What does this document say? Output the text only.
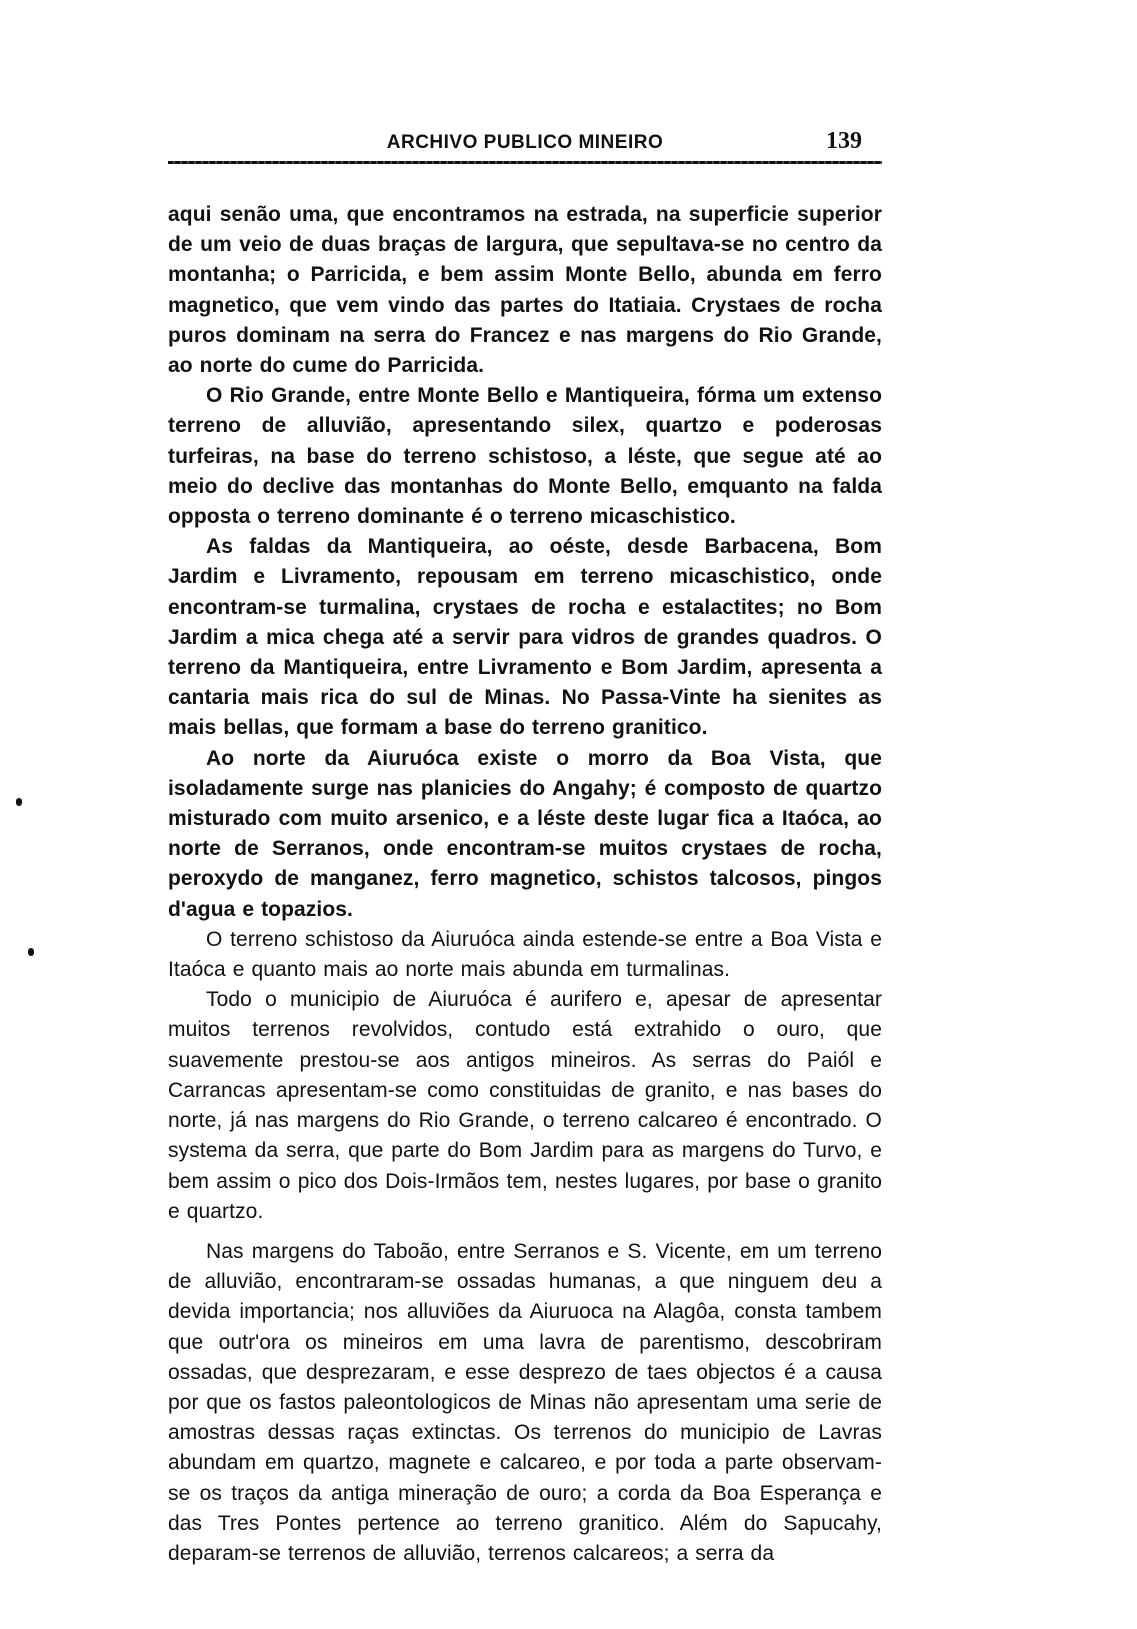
ARCHIVO PUBLICO MINEIRO	139

aqui senão uma, que encontramos na estrada, na superficie superior de um veio de duas braças de largura, que sepultava-se no centro da montanha; o Parricida, e bem assim Monte Bello, abunda em ferro magnetico, que vem vindo das partes do Itatiaia. Crystaes de rocha puros dominam na serra do Francez e nas margens do Rio Grande, ao norte do cume do Parricida.

O Rio Grande, entre Monte Bello e Mantiqueira, fórma um extenso terreno de alluvião, apresentando silex, quartzo e poderosas turfeiras, na base do terreno schistoso, a léste, que segue até ao meio do declive das montanhas do Monte Bello, emquanto na falda opposta o terreno dominante é o terreno micaschistico.

As faldas da Mantiqueira, ao oéste, desde Barbacena, Bom Jardim e Livramento, repousam em terreno micaschistico, onde encontram-se turmalina, crystaes de rocha e estalactites; no Bom Jardim a mica chega até a servir para vidros de grandes quadros. O terreno da Mantiqueira, entre Livramento e Bom Jardim, apresenta a cantaria mais rica do sul de Minas. No Passa-Vinte ha sienites as mais bellas, que formam a base do terreno granitico.

Ao norte da Aiuruóca existe o morro da Boa Vista, que isoladamente surge nas planicies do Angahy; é composto de quartzo misturado com muito arsenico, e a léste deste lugar fica a Itaóca, ao norte de Serranos, onde encontram-se muitos crystaes de rocha, peroxydo de manganez, ferro magnetico, schistos talcosos, pingos d'agua e topazios.

O terreno schistoso da Aiuruóca ainda estende-se entre a Boa Vista e Itaóca e quanto mais ao norte mais abunda em turmalinas.

Todo o municipio de Aiuruóca é aurifero e, apesar de apresentar muitos terrenos revolvidos, contudo está extrahido o ouro, que suavemente prestou-se aos antigos mineiros. As serras do Paiól e Carrancas apresentam-se como constituidas de granito, e nas bases do norte, já nas margens do Rio Grande, o terreno calcareo é encontrado. O systema da serra, que parte do Bom Jardim para as margens do Turvo, e bem assim o pico dos Dois-Irmãos tem, nestes lugares, por base o granito e quartzo.

Nas margens do Taboão, entre Serranos e S. Vicente, em um terreno de alluvião, encontraram-se ossadas humanas, a que ninguem deu a devida importancia; nos alluviões da Aiuruoca na Alagôa, consta tambem que outr'ora os mineiros em uma lavra de parentismo, descobriram ossadas, que desprezaram, e esse desprezo de taes objectos é a causa por que os fastos paleontologicos de Minas não apresentam uma serie de amostras dessas raças extinctas. Os terrenos do municipio de Lavras abundam em quartzo, magnete e calcareo, e por toda a parte observam-se os traços da antiga mineração de ouro; a corda da Boa Esperança e das Tres Pontes pertence ao terreno granitico. Além do Sapucahy, deparam-se terrenos de alluvião, terrenos calcareos; a serra da
